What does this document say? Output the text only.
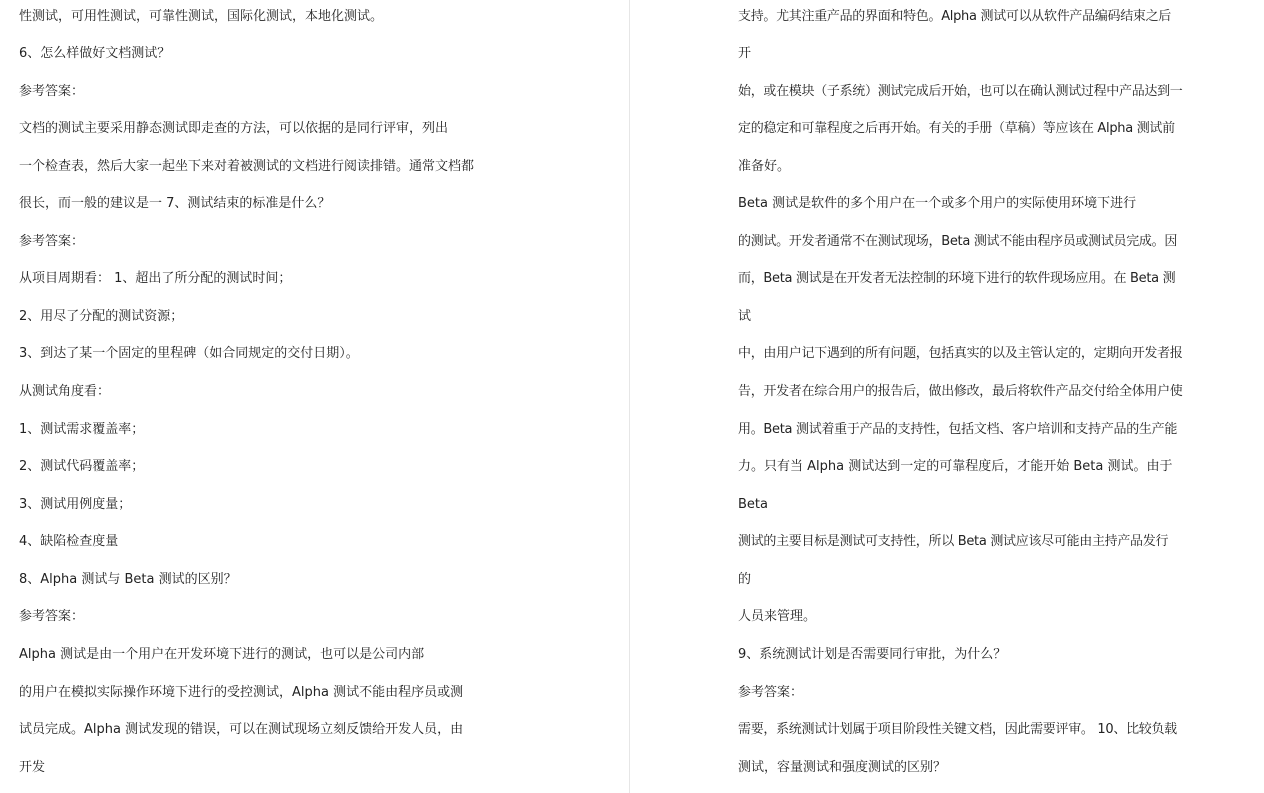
性测试，可用性测试，可靠性测试，国际化测试，本地化测试。
6、怎么样做好文档测试？
参考答案：
文档的测试主要采用静态测试即走查的方法，可以依据的是同行评审，列出
一个检查表，然后大家一起坐下来对着被测试的文档进行阅读排错。通常文档都
很长，而一般的建议是一 7、测试结束的标准是什么？
参考答案：
从项目周期看： 1、超出了所分配的测试时间；
2、用尽了分配的测试资源；
3、到达了某一个固定的里程碑（如合同规定的交付日期）。
从测试角度看：
1、测试需求覆盖率；
2、测试代码覆盖率；
3、测试用例度量；
4、缺陷检查度量
8、Alpha 测试与 Beta 测试的区别？
参考答案：
Alpha 测试是由一个用户在开发环境下进行的测试，也可以是公司内部
的用户在模拟实际操作环境下进行的受控测试，Alpha 测试不能由程序员或测
试员完成。Alpha 测试发现的错误，可以在测试现场立刻反馈给开发人员，由
开发
支持。尤其注重产品的界面和特色。Alpha 测试可以从软件产品编码结束之后
开
始，或在模块（子系统）测试完成后开始，也可以在确认测试过程中产品达到一
定的稳定和可靠程度之后再开始。有关的手册（草稿）等应该在 Alpha 测试前
准备好。
Beta 测试是软件的多个用户在一个或多个用户的实际使用环境下进行
的测试。开发者通常不在测试现场，Beta 测试不能由程序员或测试员完成。因
而，Beta 测试是在开发者无法控制的环境下进行的软件现场应用。在 Beta 测
试
中，由用户记下遇到的所有问题，包括真实的以及主管认定的，定期向开发者报
告，开发者在综合用户的报告后，做出修改，最后将软件产品交付给全体用户使
用。Beta 测试着重于产品的支持性，包括文档、客户培训和支持产品的生产能
力。只有当 Alpha 测试达到一定的可靠程度后，才能开始 Beta 测试。由于
Beta
测试的主要目标是测试可支持性，所以 Beta 测试应该尽可能由主持产品发行
的
人员来管理。
9、系统测试计划是否需要同行审批，为什么？
参考答案：
需要，系统测试计划属于项目阶段性关键文档，因此需要评审。 10、比较负载
测试，容量测试和强度测试的区别？
